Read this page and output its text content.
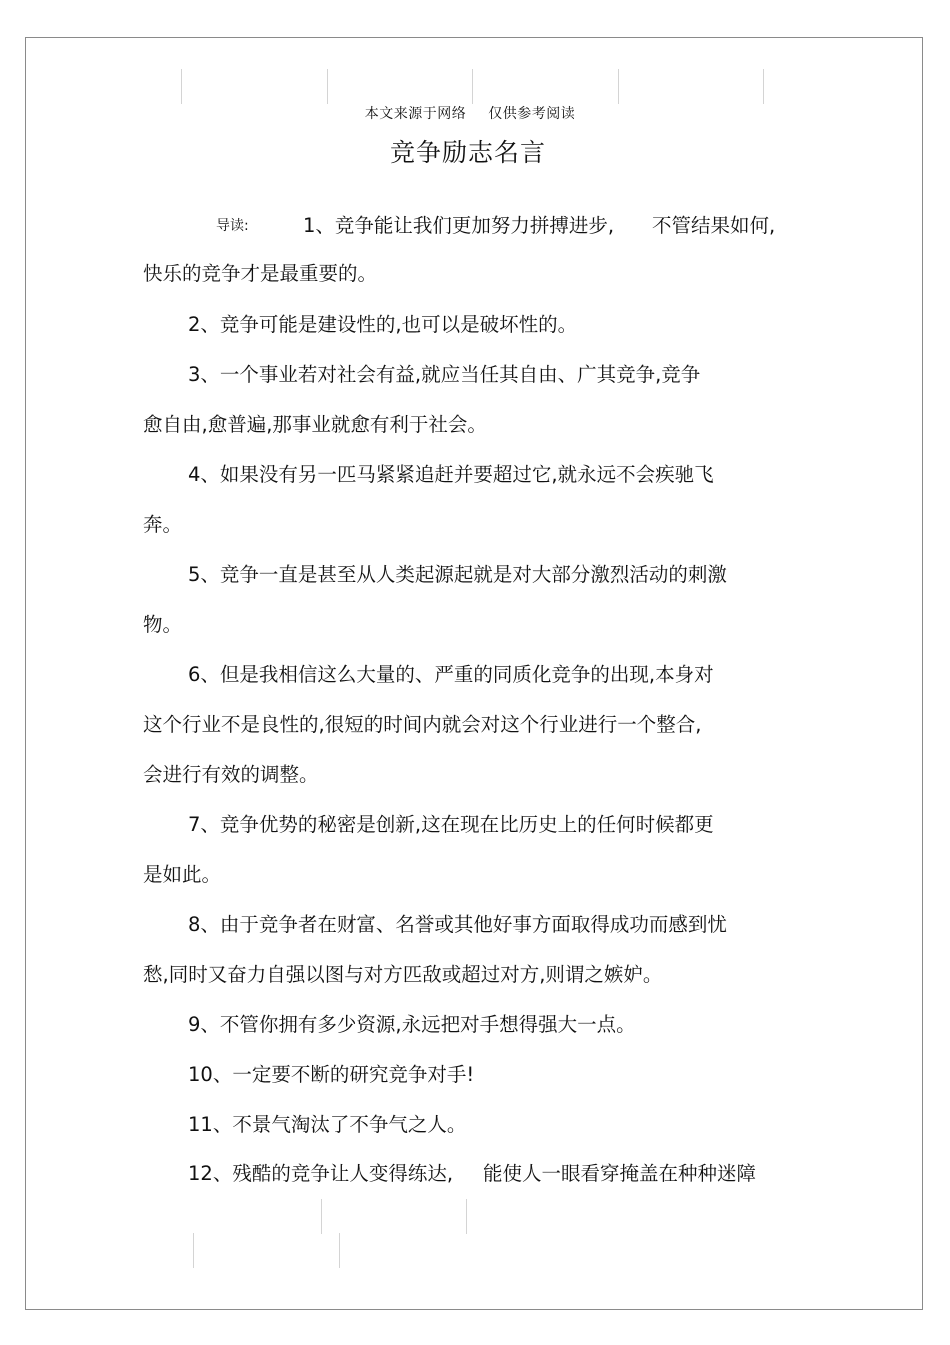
本文来源于网络 仅供参考阅读
竞争励志名言
导读:	1、竞争能让我们更加努力拼搏进步, 不管结果如何,
快乐的竞争才是最重要的。
2、竞争可能是建设性的,也可以是破坏性的。
3、一个事业若对社会有益,就应当任其自由、广其竞争,竞争
愈自由,愈普遍,那事业就愈有利于社会。
4、如果没有另一匹马紧紧追赶并要超过它,就永远不会疾驰飞
奔。
5、竞争一直是甚至从人类起源起就是对大部分激烈活动的刺激
物。
6、但是我相信这么大量的、严重的同质化竞争的出现,本身对
这个行业不是良性的,很短的时间内就会对这个行业进行一个整合,
会进行有效的调整。
7、竞争优势的秘密是创新,这在现在比历史上的任何时候都更
是如此。
8、由于竞争者在财富、名誉或其他好事方面取得成功而感到忧
愁,同时又奋力自强以图与对方匹敌或超过对方,则谓之嫉妒。
9、不管你拥有多少资源,永远把对手想得强大一点。
10、一定要不断的研究竞争对手!
11、不景气淘汰了不争气之人。
12、残酷的竞争让人变得练达, 能使人一眼看穿掩盖在种种迷障
